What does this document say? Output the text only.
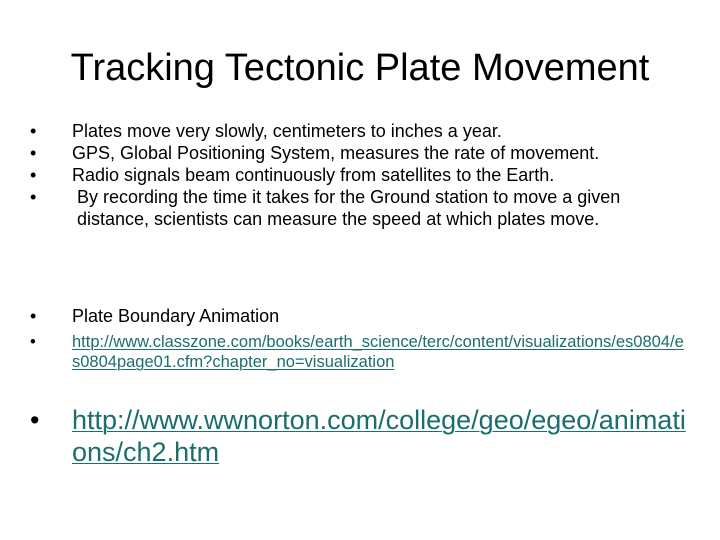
Tracking Tectonic Plate Movement
•	Plates move very slowly, centimeters to inches a year.
•	GPS, Global Positioning System, measures the rate of movement.
•	Radio signals beam continuously from satellites to the Earth.
•	By recording the time it takes for the Ground station to move a given distance, scientists can measure the speed at which plates move.
•	Plate Boundary Animation
•	http://www.classzone.com/books/earth_science/terc/content/visualizations/es0804/es0804page01.cfm?chapter_no=visualization
•	http://www.wwnorton.com/college/geo/egeo/animations/ch2.htm
